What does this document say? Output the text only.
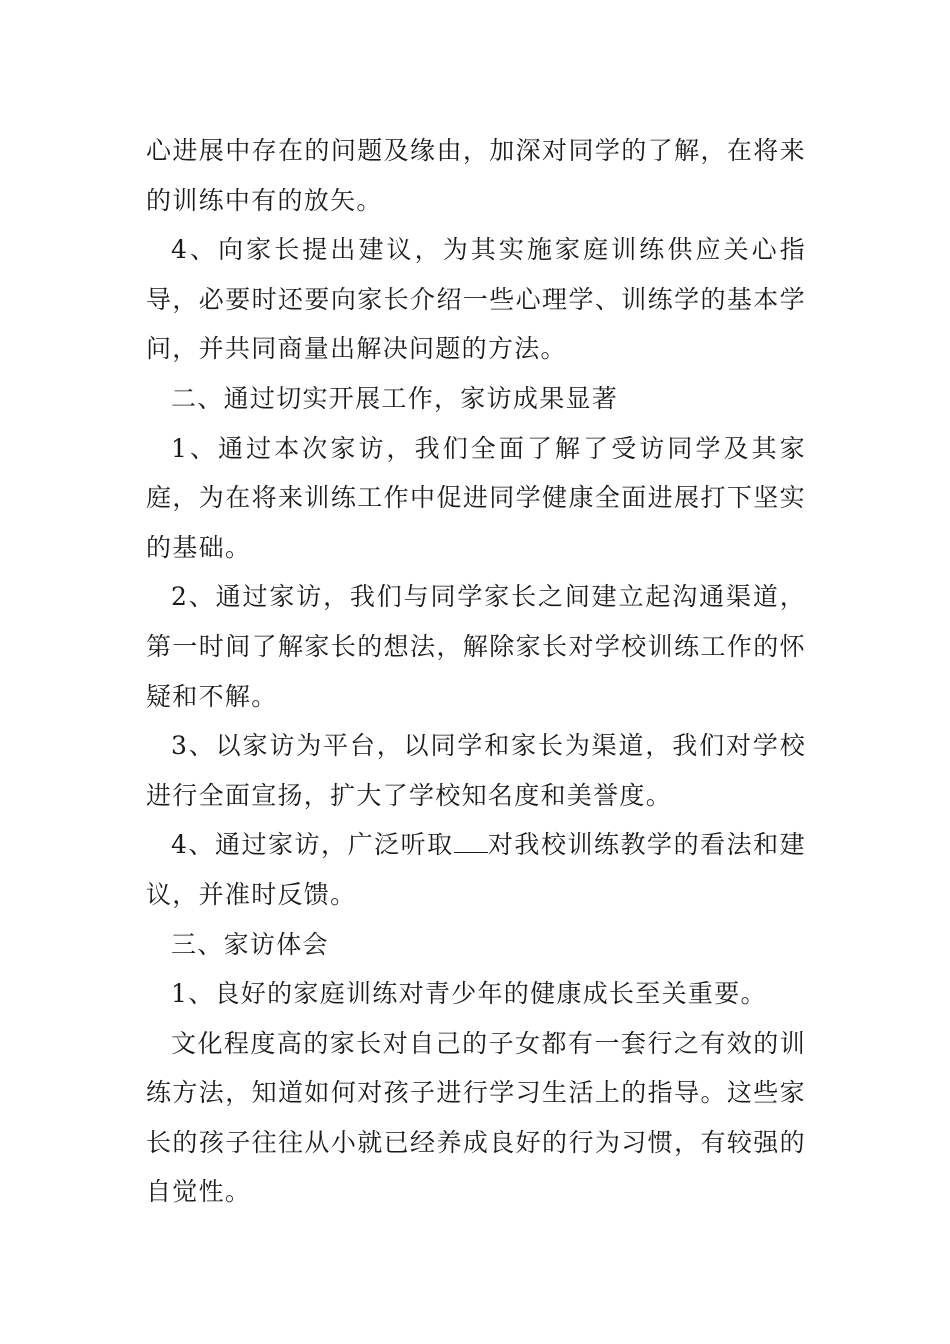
心进展中存在的问题及缘由，加深对同学的了解，在将来的训练中有的放矢。

4、向家长提出建议，为其实施家庭训练供应关心指导，必要时还要向家长介绍一些心理学、训练学的基本学问，并共同商量出解决问题的方法。

二、通过切实开展工作，家访成果显著

1、通过本次家访，我们全面了解了受访同学及其家庭，为在将来训练工作中促进同学健康全面进展打下坚实的基础。

2、通过家访，我们与同学家长之间建立起沟通渠道，第一时间了解家长的想法，解除家长对学校训练工作的怀疑和不解。

3、以家访为平台，以同学和家长为渠道，我们对学校进行全面宣扬，扩大了学校知名度和美誉度。

4、通过家访，广泛听取 对我校训练教学的看法和建议，并准时反馈。

三、家访体会

1、良好的家庭训练对青少年的健康成长至关重要。

文化程度高的家长对自己的子女都有一套行之有效的训练方法，知道如何对孩子进行学习生活上的指导。这些家长的孩子往往从小就已经养成良好的行为习惯，有较强的自觉性。
